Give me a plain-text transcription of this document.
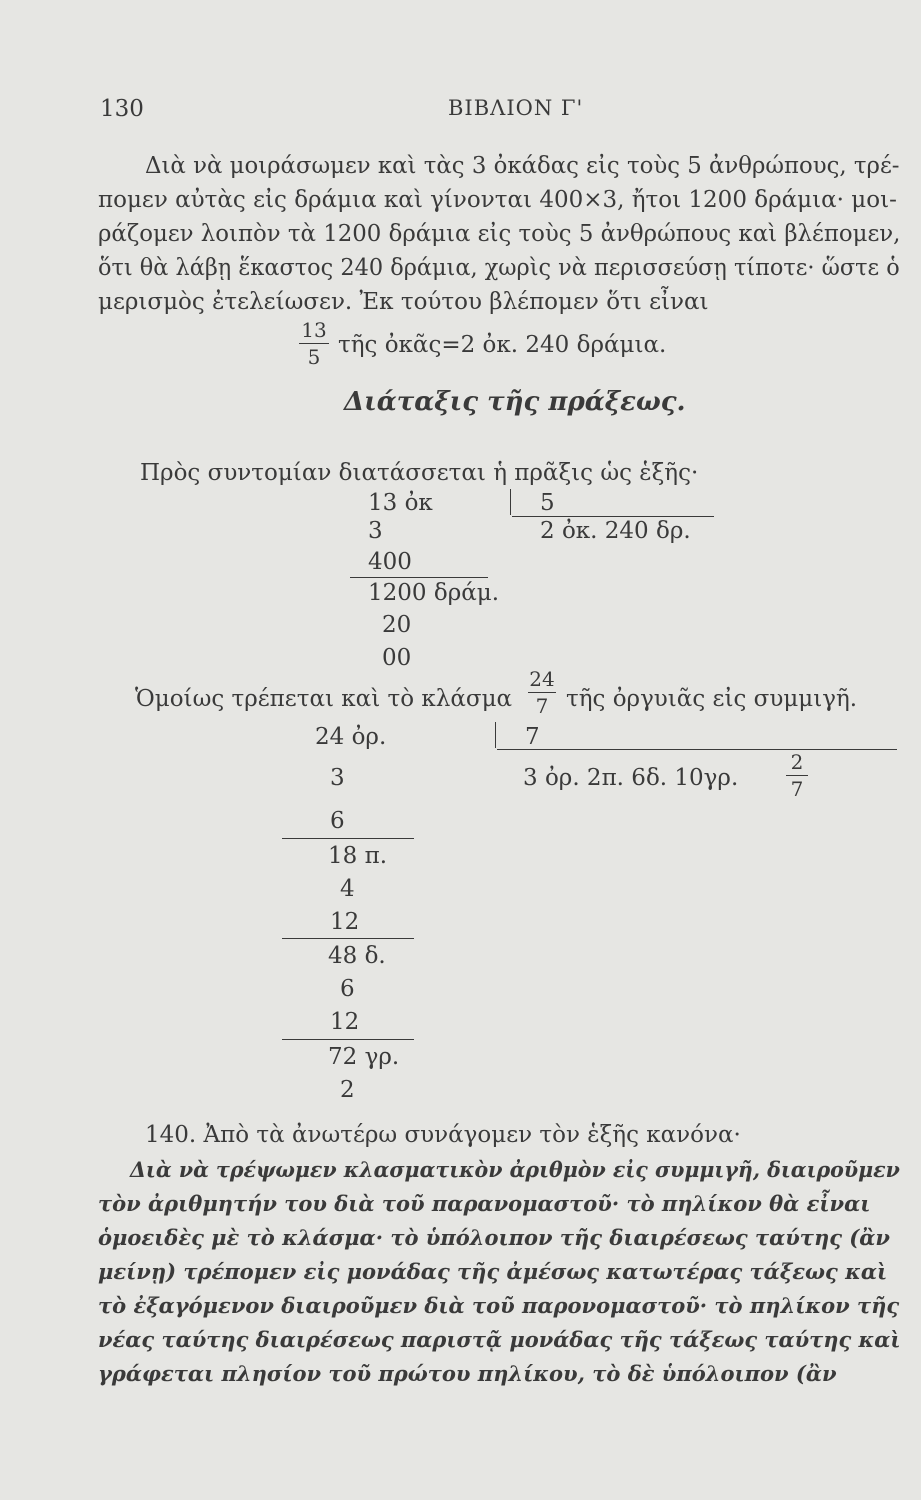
130	ΒΙΒΛΙΟΝ Γ'
Διὰ νὰ μοιράσωμεν καὶ τὰς 3 ὀκάδας εἰς τοὺς 5 ἀνθρώπους, τρέ-
πομεν αὐτὰς εἰς δράμια καὶ γίνονται 400×3, ἤτοι 1200 δράμια· μοι-
ράζομεν λοιπὸν τὰ 1200 δράμια εἰς τοὺς 5 ἀνθρώπους καὶ βλέπομεν,
ὅτι θὰ λάβῃ ἕκαστος 240 δράμια, χωρὶς νὰ περισσεύσῃ τίποτε· ὥστε ὁ
μερισμὸς ἐτελείωσεν. Ἐκ τούτου βλέπομεν ὅτι εἶναι
13
5 τῆς ὀκᾶς=2 ὀκ. 240 δράμια.
Διάταξις τῆς πράξεως.
Πρὸς συντομίαν διατάσσεται ἡ πρᾶξις ὡς ἑξῆς·
13 ὀκ	5
3	2 ὀκ. 240 δρ.
400
1200 δράμ.
20
00
Ὁμοίως τρέπεται καὶ τὸ κλάσμα
24
7 τῆς ὀργυιᾶς εἰς συμμιγῆ.
24 ὀρ.	7
3	3 ὀρ. 2π. 6δ. 10γρ.
2
7
6
18 π.
4
12
48 δ.
6
12
72 γρ.
2
140. Ἀπὸ τὰ ἀνωτέρω συνάγομεν τὸν ἑξῆς κανόνα·
Διὰ νὰ τρέψωμεν κλασματικὸν ἀριθμὸν εἰς συμμιγῆ, διαιροῦμεν
τὸν ἀριθμητήν του διὰ τοῦ παρανομαστοῦ· τὸ πηλίκον θὰ εἶναι
ὁμοειδὲς μὲ τὸ κλάσμα· τὸ ὑπόλοιπον τῆς διαιρέσεως ταύτης (ἂν
μείνῃ) τρέπομεν εἰς μονάδας τῆς ἀμέσως κατωτέρας τάξεως καὶ
τὸ ἐξαγόμενον διαιροῦμεν διὰ τοῦ παρονομαστοῦ· τὸ πηλίκον τῆς
νέας ταύτης διαιρέσεως παριστᾷ μονάδας τῆς τάξεως ταύτης καὶ
γράφεται πλησίον τοῦ πρώτου πηλίκου, τὸ δὲ ὑπόλοιπον (ἂν
